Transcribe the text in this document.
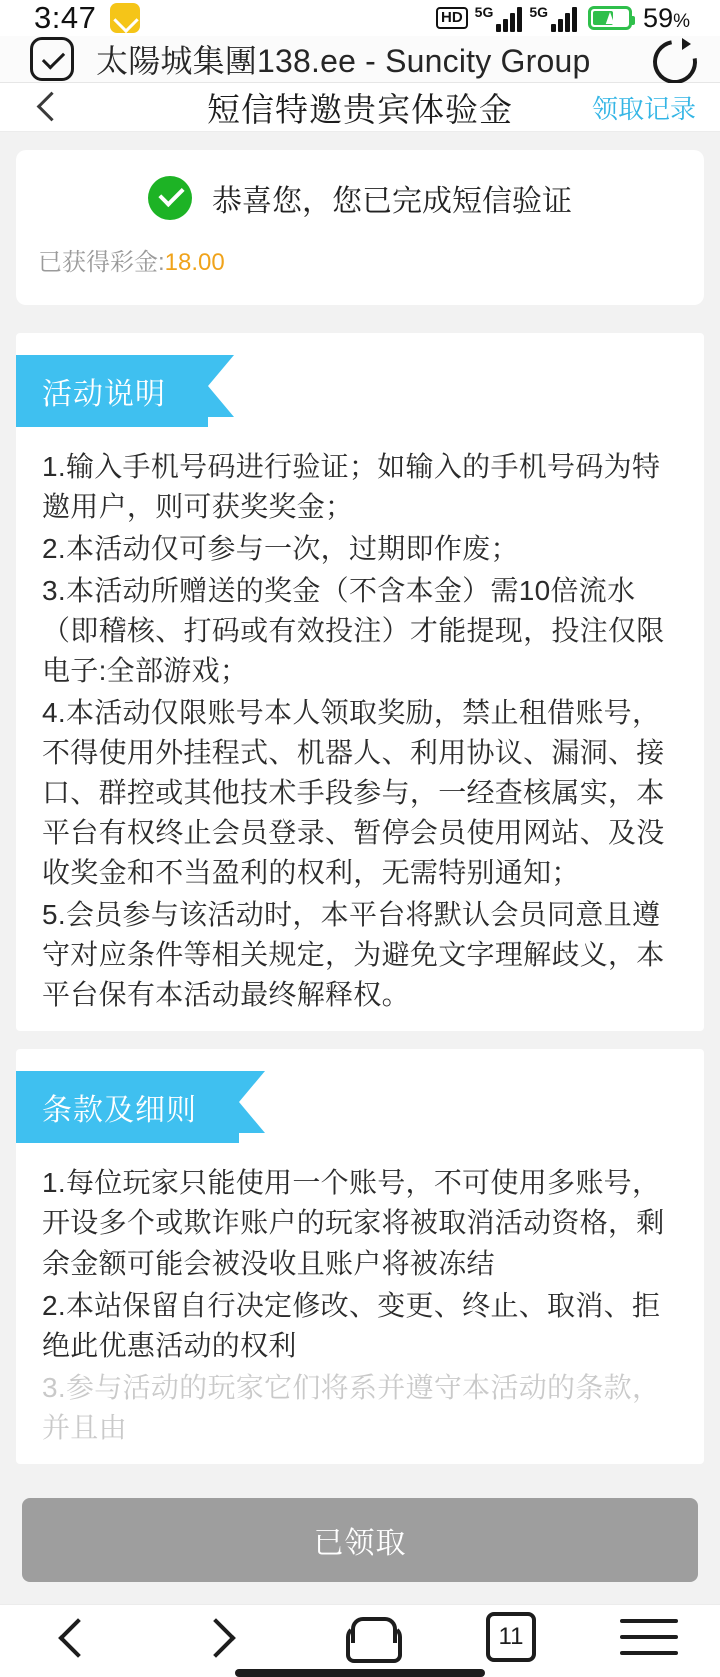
3:47	HD 5G	5G	59%
太陽城集團138.ee - Suncity Group
短信特邀贵宾体验金	领取记录
恭喜您，您已完成短信验证
已获得彩金:18.00
活动说明

1.输入手机号码进行验证；如输入的手机号码为特邀用户，则可获奖奖金；

2.本活动仅可参与一次，过期即作废；

3.本活动所赠送的奖金（不含本金）需10倍流水（即稽核、打码或有效投注）才能提现，投注仅限电子:全部游戏；

4.本活动仅限账号本人领取奖励，禁止租借账号，不得使用外挂程式、机器人、利用协议、漏洞、接口、群控或其他技术手段参与，一经查核属实，本平台有权终止会员登录、暂停会员使用网站、及没收奖金和不当盈利的权利，无需特别通知；

5.会员参与该活动时，本平台将默认会员同意且遵守对应条件等相关规定，为避免文字理解歧义，本平台保有本活动最终解释权。

条款及细则

1.每位玩家只能使用一个账号，不可使用多账号，开设多个或欺诈账户的玩家将被取消活动资格，剩余金额可能会被没收且账户将被冻结

2.本站保留自行决定修改、变更、终止、取消、拒绝此优惠活动的权利

3.参与活动的玩家它们将系并遵守本活动的条款，并且由

已领取
11
